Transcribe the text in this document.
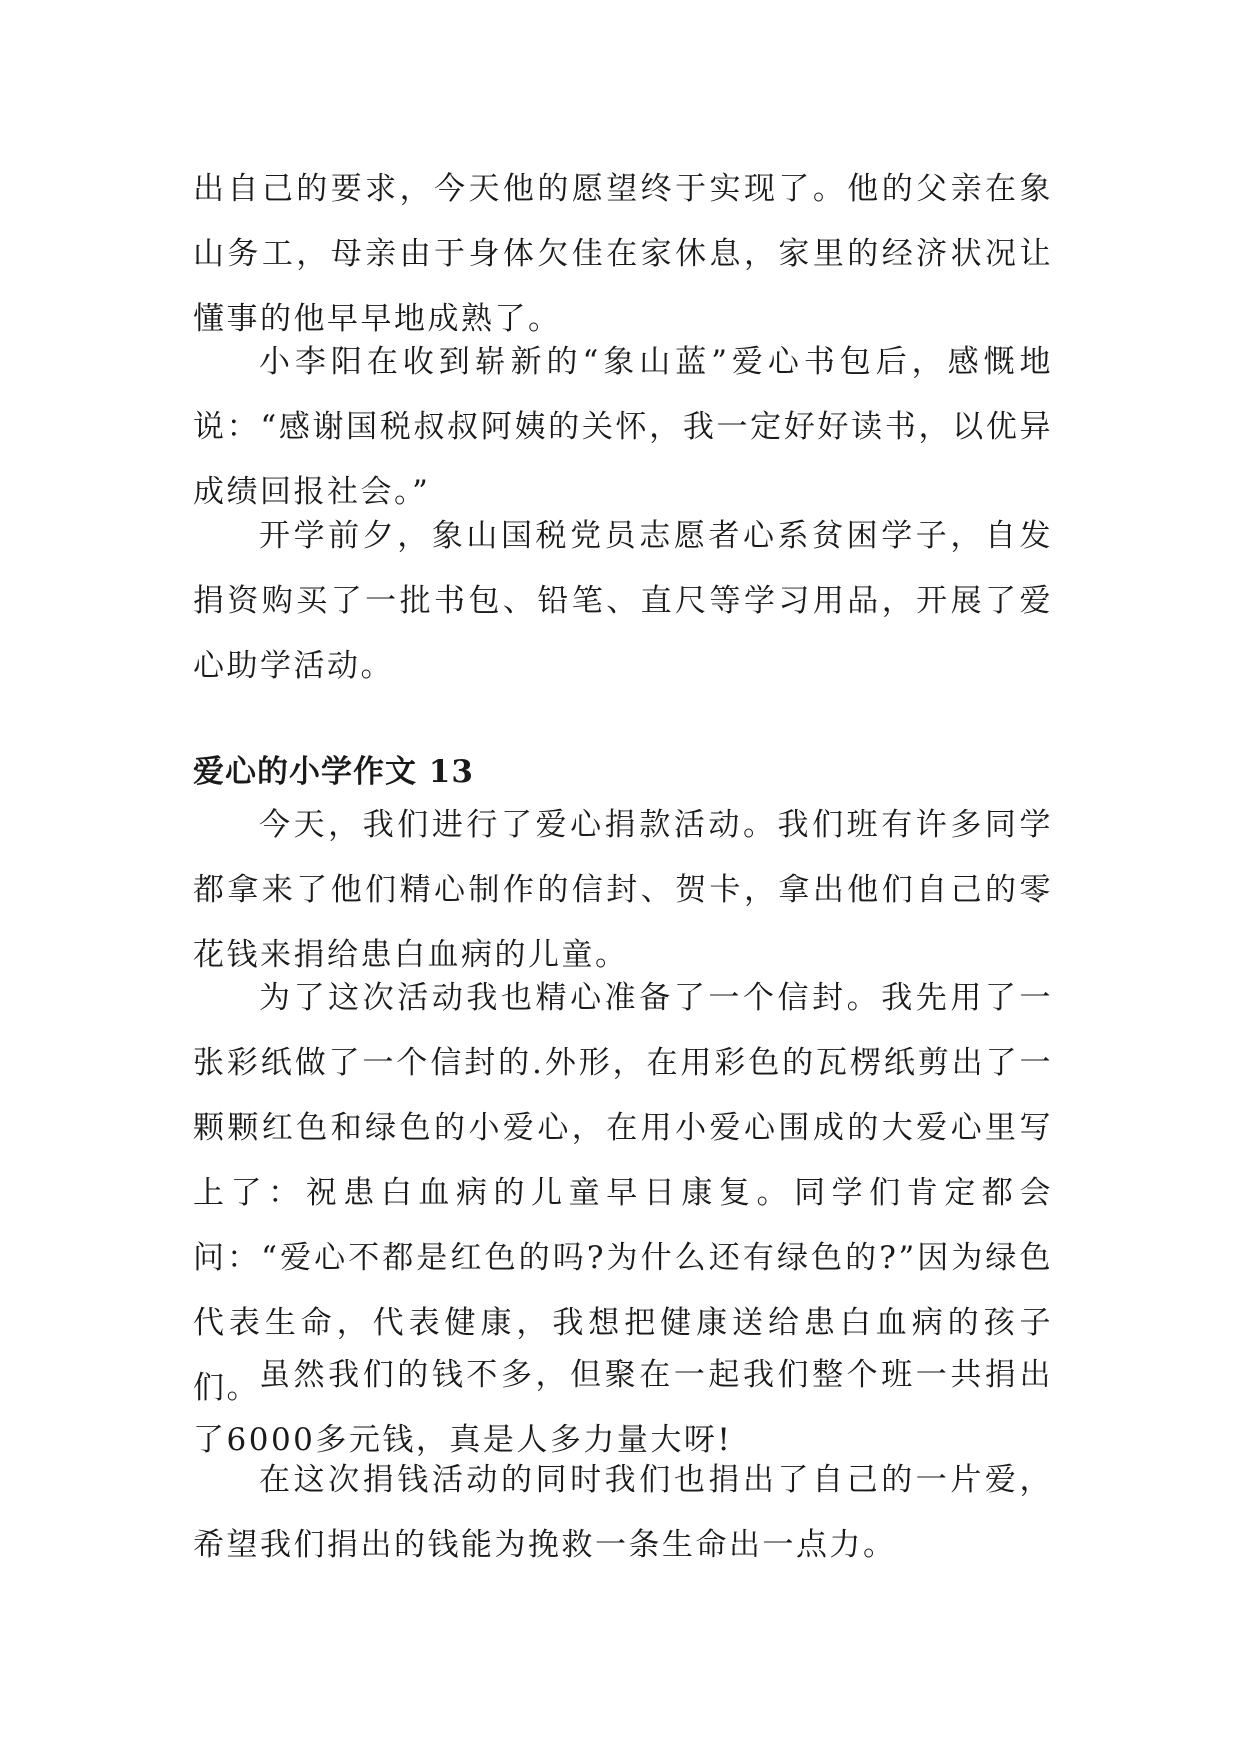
出自己的要求，今天他的愿望终于实现了。他的父亲在象山务工，母亲由于身体欠佳在家休息，家里的经济状况让懂事的他早早地成熟了。

小李阳在收到崭新的“象山蓝”爱心书包后，感慨地说：“感谢国税叔叔阿姨的关怀，我一定好好读书，以优异成绩回报社会。”

开学前夕，象山国税党员志愿者心系贫困学子，自发捐资购买了一批书包、铅笔、直尺等学习用品，开展了爱心助学活动。

爱心的小学作文 13

今天，我们进行了爱心捐款活动。我们班有许多同学都拿来了他们精心制作的信封、贺卡，拿出他们自己的零花钱来捐给患白血病的儿童。

为了这次活动我也精心准备了一个信封。我先用了一张彩纸做了一个信封的.外形，在用彩色的瓦楞纸剪出了一颗颗红色和绿色的小爱心，在用小爱心围成的大爱心里写上了：祝患白血病的儿童早日康复。同学们肯定都会问：“爱心不都是红色的吗?为什么还有绿色的?”因为绿色代表生命，代表健康，我想把健康送给患白血病的孩子们。 虽然我们的钱不多，但聚在一起我们整个班一共捐出了6000多元钱，真是人多力量大呀!

在这次捐钱活动的同时我们也捐出了自己的一片爱，希望我们捐出的钱能为挽救一条生命出一点力。
